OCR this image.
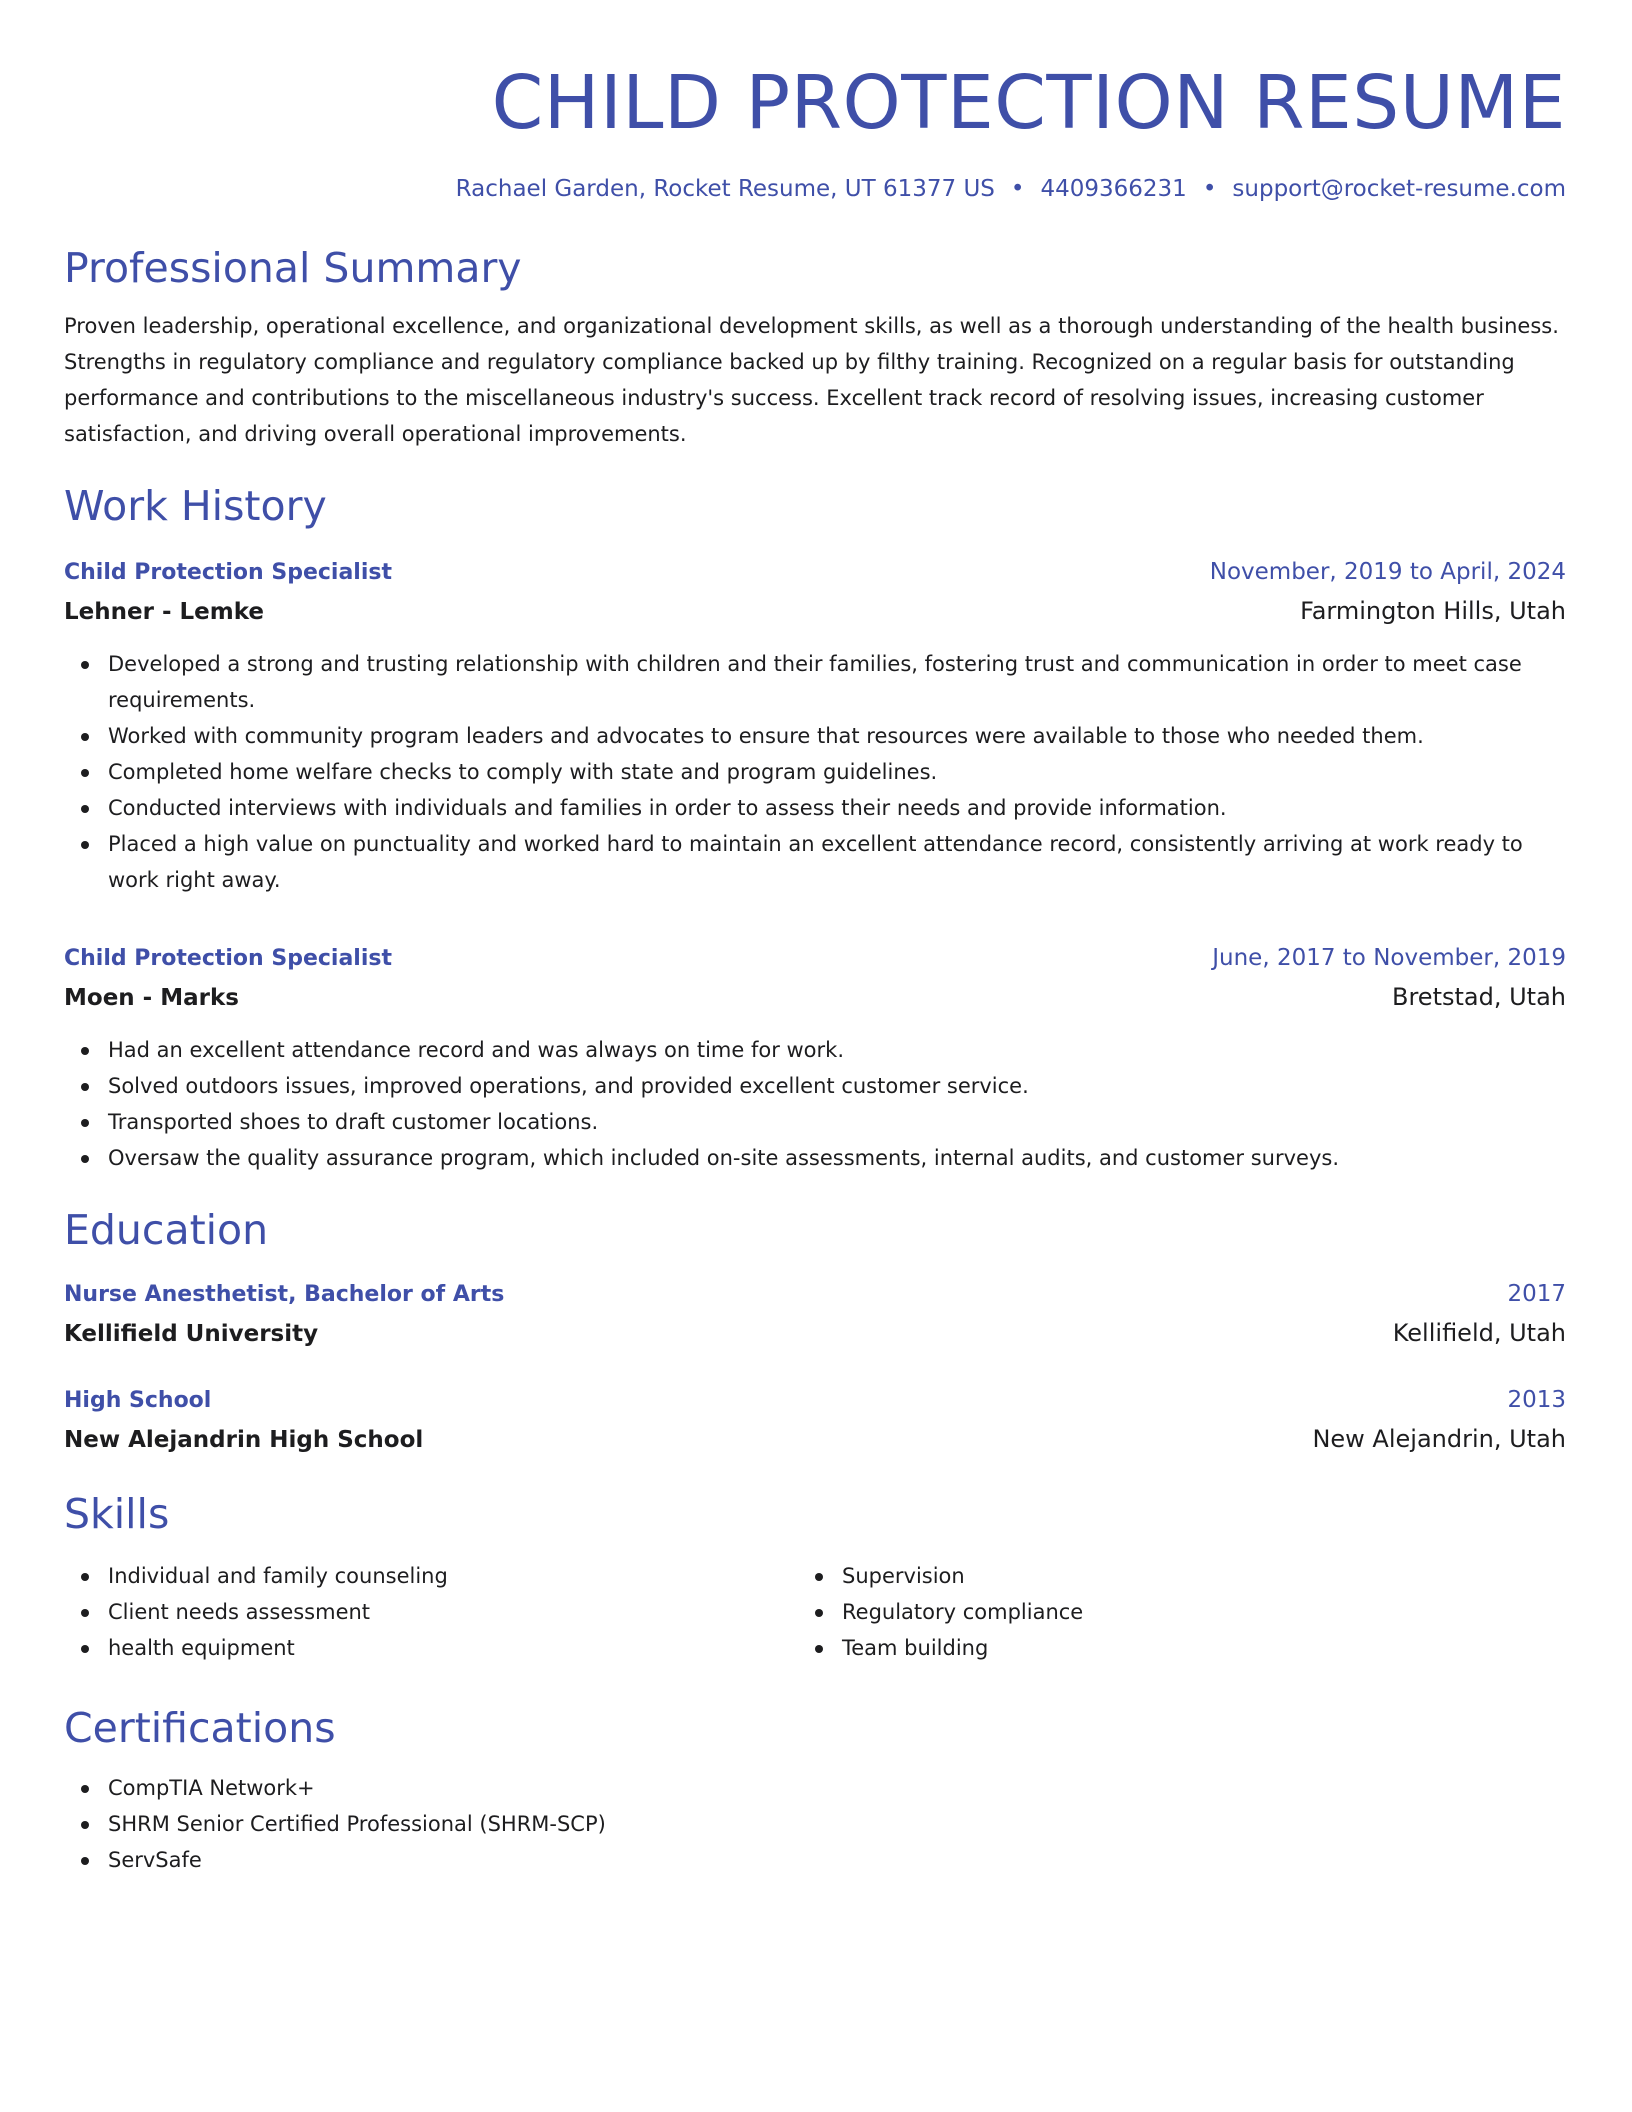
CHILD PROTECTION RESUME
Rachael Garden, Rocket Resume, UT 61377 US • 4409366231 • support@rocket-resume.com
Professional Summary

Proven leadership, operational excellence, and organizational development skills, as well as a thorough understanding of the health business. Strengths in regulatory compliance and regulatory compliance backed up by filthy training. Recognized on a regular basis for outstanding performance and contributions to the miscellaneous industry's success. Excellent track record of resolving issues, increasing customer satisfaction, and driving overall operational improvements.

Work History
Child Protection Specialist	November, 2019 to April, 2024
Lehner - Lemke	Farmington Hills, Utah
Developed a strong and trusting relationship with children and their families, fostering trust and communication in order to meet case requirements.
Worked with community program leaders and advocates to ensure that resources were available to those who needed them.
Completed home welfare checks to comply with state and program guidelines.
Conducted interviews with individuals and families in order to assess their needs and provide information.
Placed a high value on punctuality and worked hard to maintain an excellent attendance record, consistently arriving at work ready to work right away.
Child Protection Specialist	June, 2017 to November, 2019
Moen - Marks	Bretstad, Utah
Had an excellent attendance record and was always on time for work.
Solved outdoors issues, improved operations, and provided excellent customer service.
Transported shoes to draft customer locations.
Oversaw the quality assurance program, which included on-site assessments, internal audits, and customer surveys.
Education
Nurse Anesthetist, Bachelor of Arts	2017
Kellifield University	Kellifield, Utah
High School	2013
New Alejandrin High School	New Alejandrin, Utah
Skills
Individual and family counseling
Client needs assessment
health equipment
Supervision
Regulatory compliance
Team building
Certifications
CompTIA Network+
SHRM Senior Certified Professional (SHRM-SCP)
ServSafe
